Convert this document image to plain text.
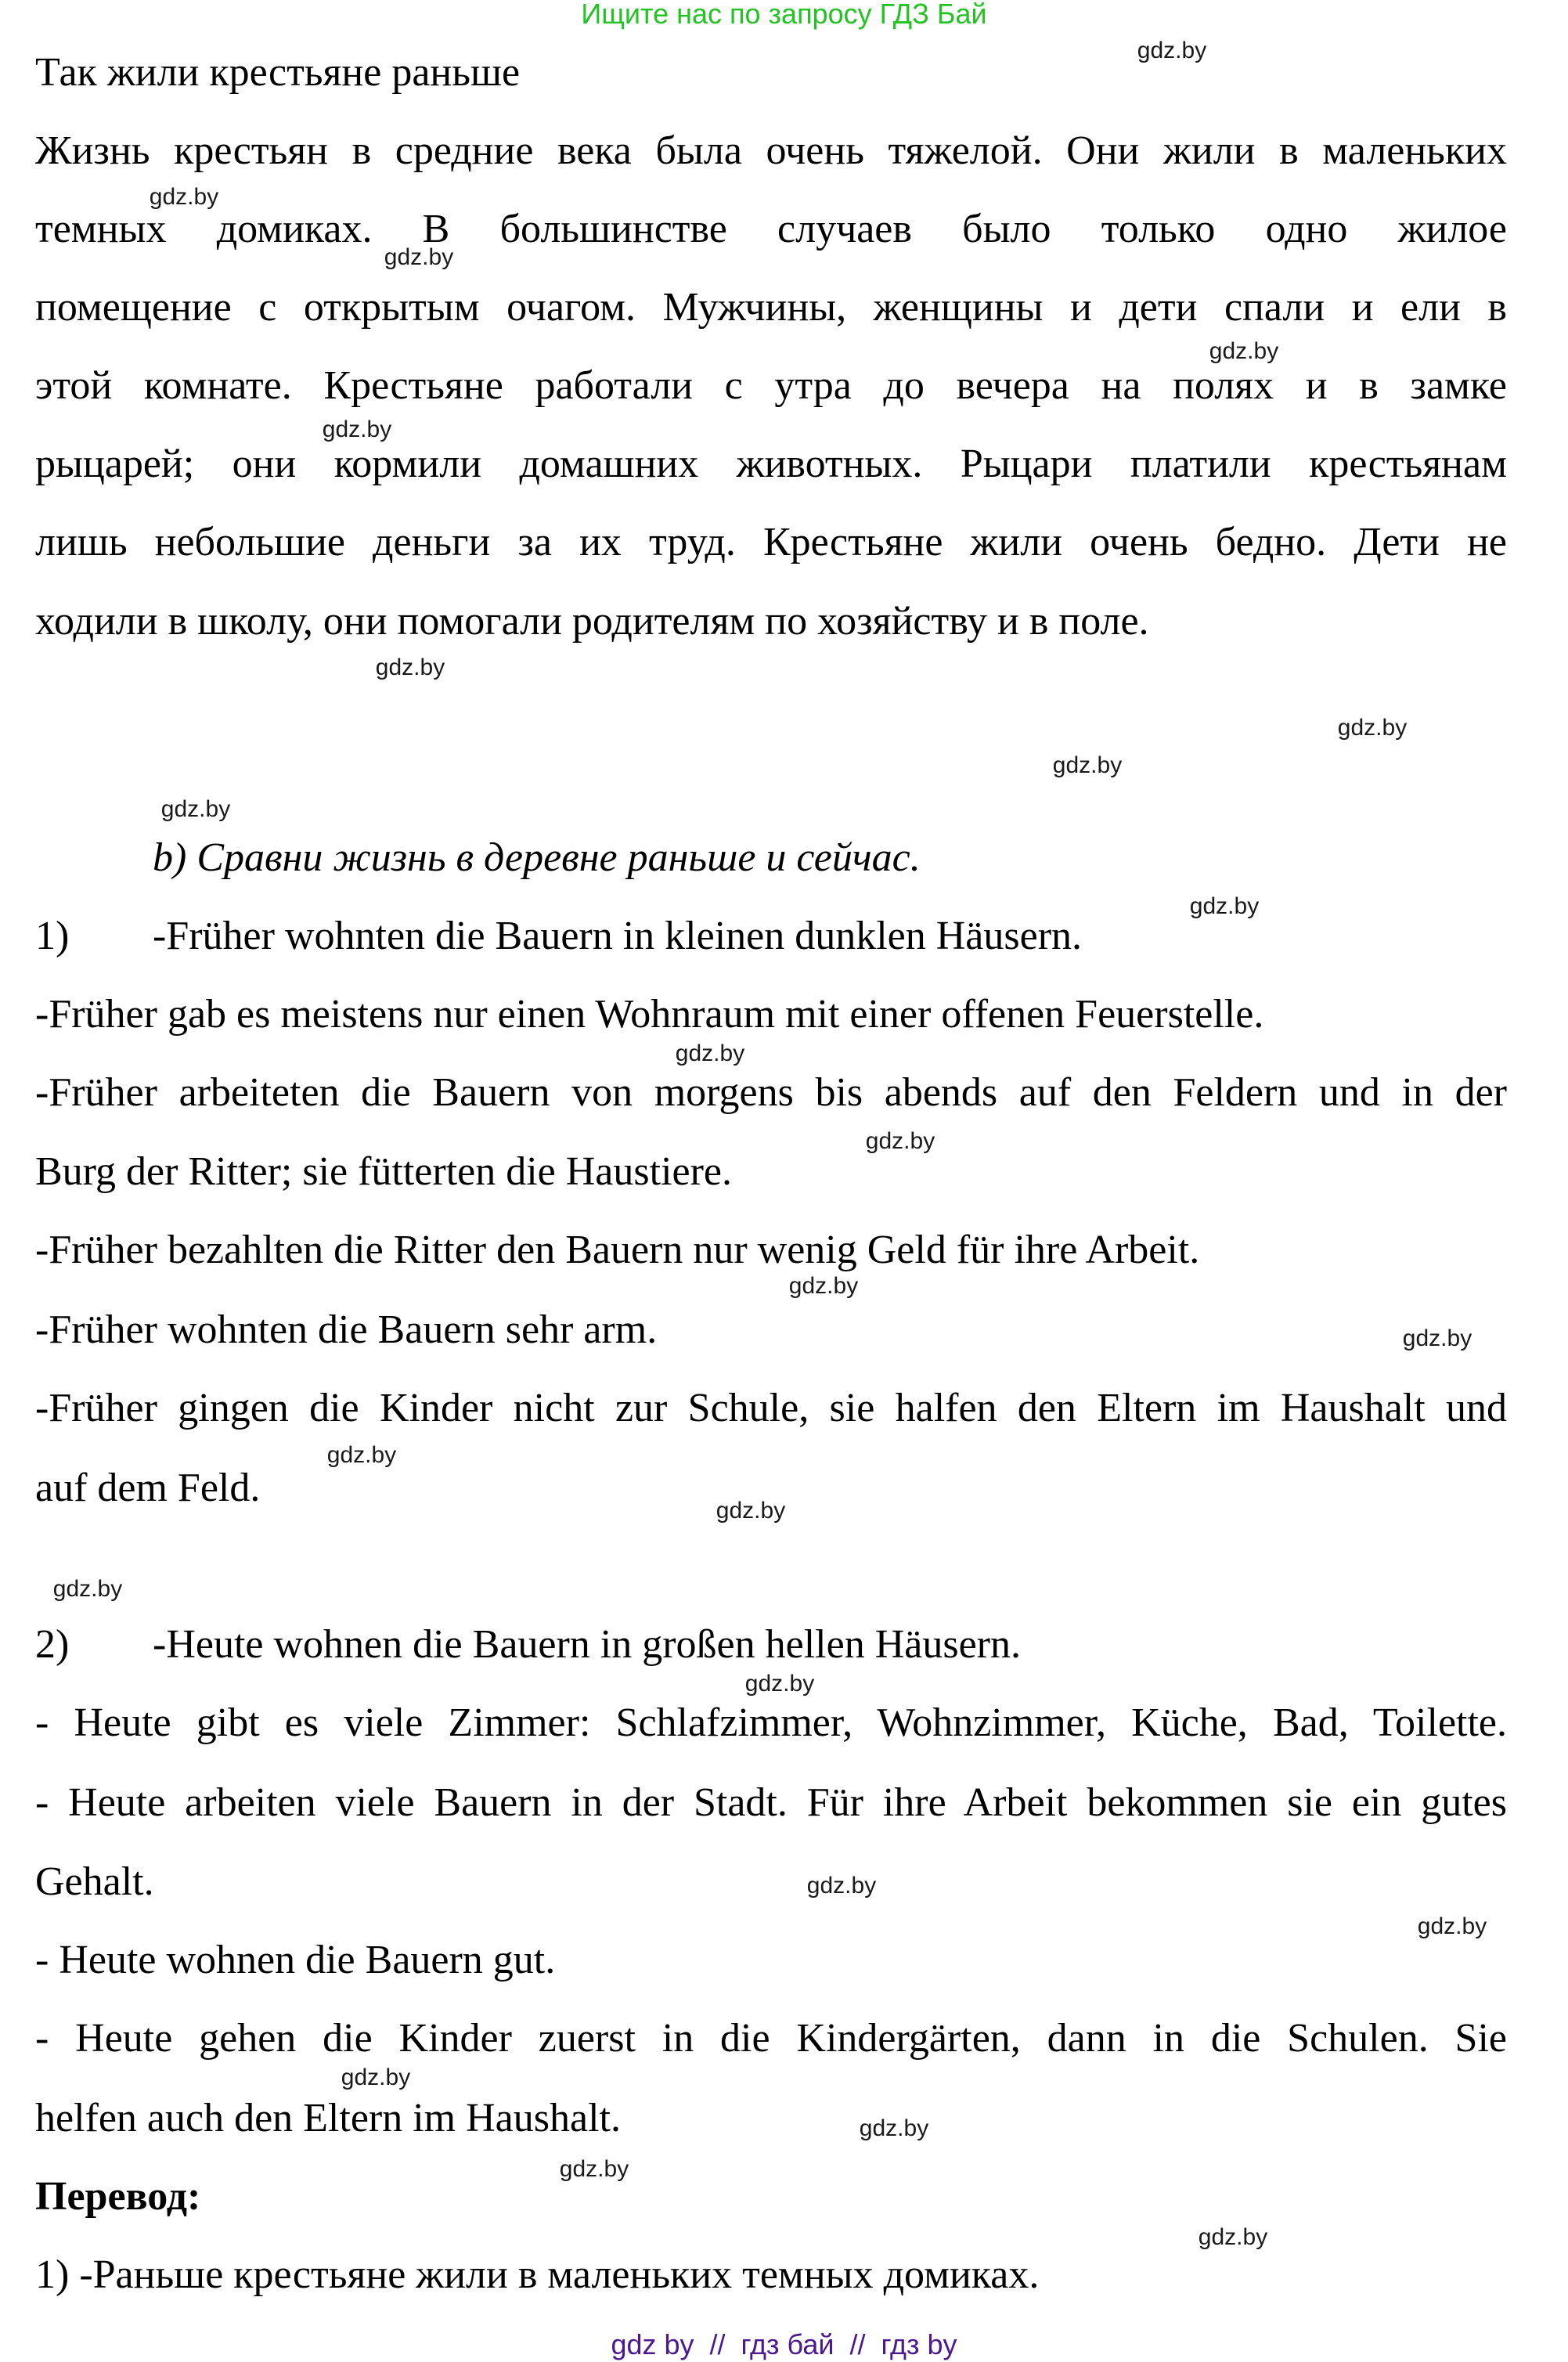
Ищите нас по запросу ГДЗ Бай
Так жили крестьяне раньше
Жизнь крестьян в средние века была очень тяжелой. Они жили в маленьких
темных домиках. В большинстве случаев было только одно жилое
помещение с открытым очагом. Мужчины, женщины и дети спали и ели в
этой комнате. Крестьяне работали с утра до вечера на полях и в замке
рыцарей; они кормили домашних животных. Рыцари платили крестьянам
лишь небольшие деньги за их труд. Крестьяне жили очень бедно. Дети не
ходили в школу, они помогали родителям по хозяйству и в поле.
b) Сравни жизнь в деревне раньше и сейчас.
1) -Früher wohnten die Bauern in kleinen dunklen Häusern.
-Früher gab es meistens nur einen Wohnraum mit einer offenen Feuerstelle.
-Früher arbeiteten die Bauern von morgens bis abends auf den Feldern und in der
Burg der Ritter; sie fütterten die Haustiere.
-Früher bezahlten die Ritter den Bauern nur wenig Geld für ihre Arbeit.
-Früher wohnten die Bauern sehr arm.
-Früher gingen die Kinder nicht zur Schule, sie halfen den Eltern im Haushalt und
auf dem Feld.
2) -Heute wohnen die Bauern in großen hellen Häusern.
- Heute gibt es viele Zimmer: Schlafzimmer, Wohnzimmer, Küche, Bad, Toilette.
- Heute arbeiten viele Bauern in der Stadt. Für ihre Arbeit bekommen sie ein gutes
Gehalt.
- Heute wohnen die Bauern gut.
- Heute gehen die Kinder zuerst in die Kindergärten, dann in die Schulen. Sie
helfen auch den Eltern im Haushalt.
Перевод:
1) -Раньше крестьяне жили в маленьких темных домиках.
gdz.by
gdz.by
gdz.by
gdz.by
gdz.by
gdz.by
gdz.by
gdz.by
gdz.by
gdz.by
gdz.by
gdz.by
gdz.by
gdz.by
gdz.by
gdz.by
gdz.by
gdz.by
gdz.by
gdz.by
gdz.by
gdz.by
gdz.by
gdz.by
gdz by  //  гдз бай  //  гдз by
